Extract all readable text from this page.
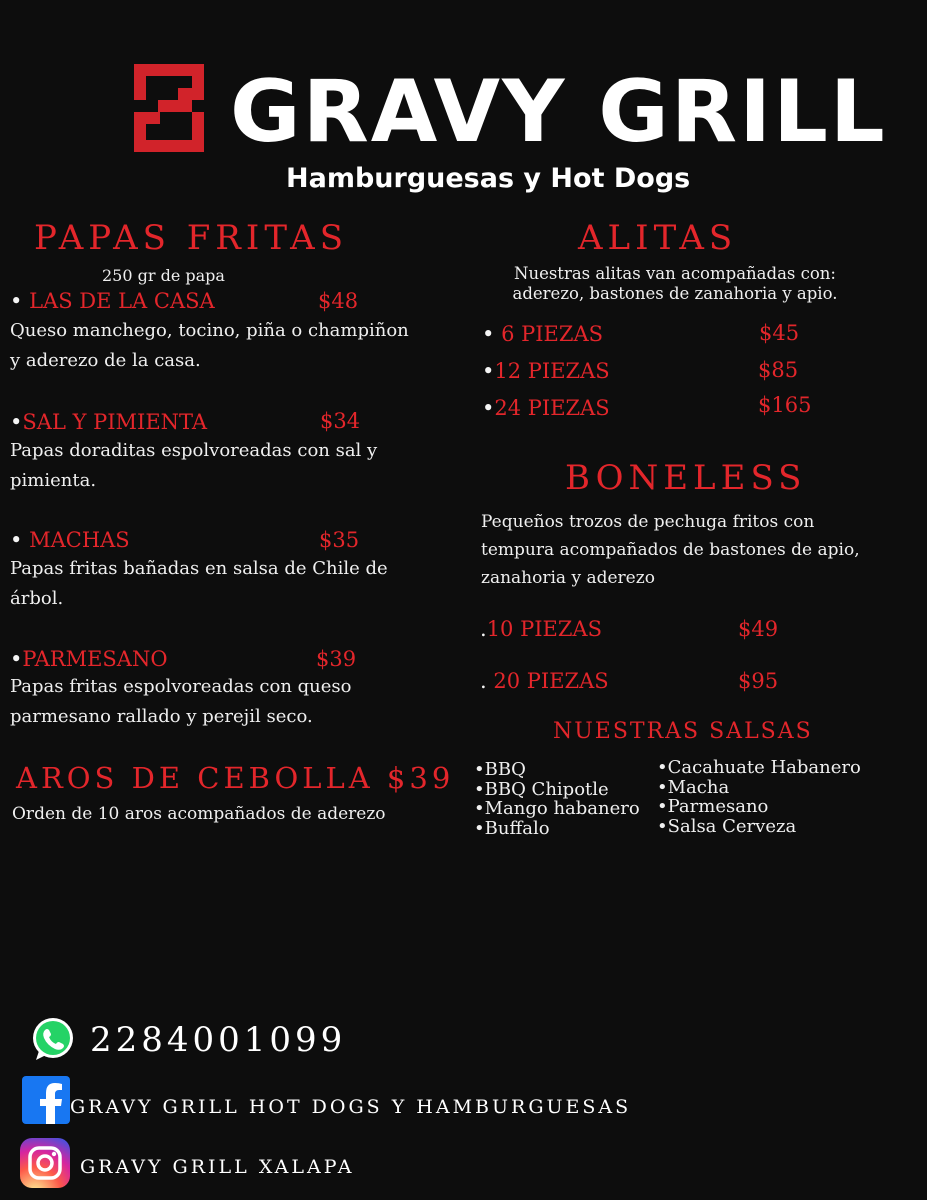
GRAVY GRILL
Hamburguesas y Hot Dogs
PAPAS FRITAS
250 gr de papa
• LAS DE LA CASA	$48
Queso manchego, tocino, piña o champiñon y aderezo de la casa.
•SAL Y PIMIENTA	$34
Papas doraditas espolvoreadas con sal y pimienta.
• MACHAS	$35
Papas fritas bañadas en salsa de Chile de árbol.
•PARMESANO	$39
Papas fritas espolvoreadas con queso parmesano rallado y perejil seco.
AROS DE CEBOLLA $39
Orden de 10 aros acompañados de aderezo
ALITAS
Nuestras alitas van acompañadas con: aderezo, bastones de zanahoria y apio.
• 6 PIEZAS	$45
•12 PIEZAS	$85
•24 PIEZAS	$165
BONELESS
Pequeños trozos de pechuga fritos con tempura acompañados de bastones de apio, zanahoria y aderezo
.10 PIEZAS	$49
. 20 PIEZAS	$95
NUESTRAS SALSAS
•BBQ
•BBQ Chipotle
•Mango habanero
•Buffalo
•Cacahuate Habanero
•Macha
•Parmesano
•Salsa Cerveza
2284001099
GRAVY GRILL HOT DOGS Y HAMBURGUESAS
GRAVY GRILL XALAPA
